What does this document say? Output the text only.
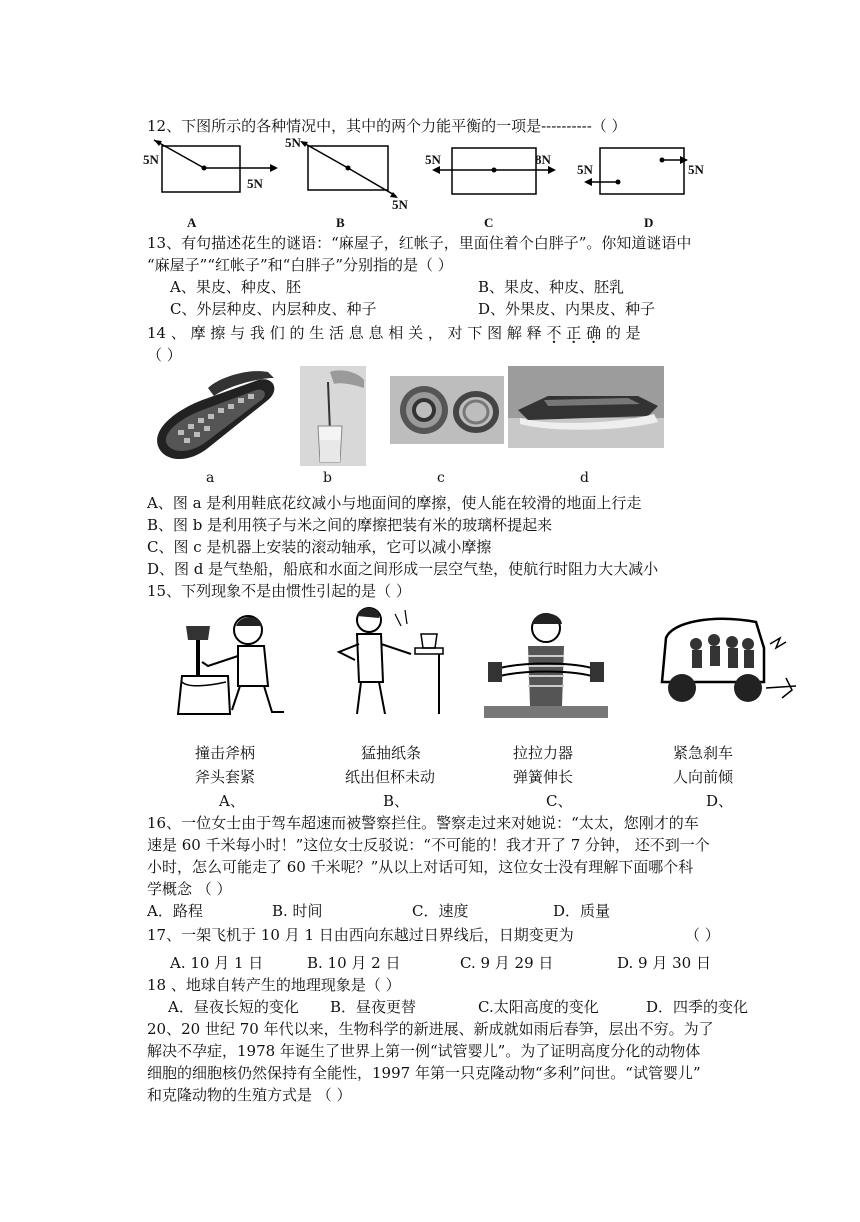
12、下图所示的各种情况中，其中的两个力能平衡的一项是----------（ ）
5N
5N
A
5N
5N
B
5N	8N
C
5N	5N
D
13、有句描述花生的谜语：“麻屋子，红帐子，里面住着个白胖子”。你知道谜语中
“麻屋子”“红帐子”和“白胖子”分别指的是（ ）
A、果皮、种皮、胚	B、果皮、种皮、胚乳
C、外层种皮、内层种皮、种子	D、外果皮、内果皮、种子
14 、 摩 擦 与 我 们 的 生 活 息 息 相 关 ， 对 下 图 解 释 不 正 确 的 是
（ ）
a	b	c	d
A、图 a 是利用鞋底花纹减小与地面间的摩擦，使人能在较滑的地面上行走
B、图 b 是利用筷子与米之间的摩擦把装有米的玻璃杯提起来
C、图 c 是机器上安装的滚动轴承，它可以减小摩擦
D、图 d 是气垫船，船底和水面之间形成一层空气垫，使航行时阻力大大减小
15、下列现象不是由惯性引起的是（ ）
撞击斧柄
斧头套紧
A、
猛抽纸条
纸出但杯未动
B、
拉拉力器
弹簧伸长
C、
紧急刹车
人向前倾
D、
16、一位女士由于驾车超速而被警察拦住。警察走过来对她说：“太太，您刚才的车
速是 60 千米每小时！”这位女士反驳说：“不可能的！我才开了 7 分钟， 还不到一个
小时，怎么可能走了 60 千米呢？”从以上对话可知，这位女士没有理解下面哪个科
学概念 （ ）
A．路程	B. 时间	C．速度	D．质量
17、一架飞机于 10 月 1 日由西向东越过日界线后，日期变更为	（ ）
A. 10 月 1 日	B. 10 月 2 日	C. 9 月 29 日	D. 9 月 30 日
18 、地球自转产生的地理现象是（ ）
A．昼夜长短的变化 B．昼夜更替	C.太阳高度的变化	D．四季的变化
20、20 世纪 70 年代以来，生物科学的新进展、新成就如雨后春笋，层出不穷。为了
解决不孕症，1978 年诞生了世界上第一例“试管婴儿”。为了证明高度分化的动物体
细胞的细胞核仍然保持有全能性，1997 年第一只克隆动物“多利”问世。“试管婴儿”
和克隆动物的生殖方式是 （ ）
